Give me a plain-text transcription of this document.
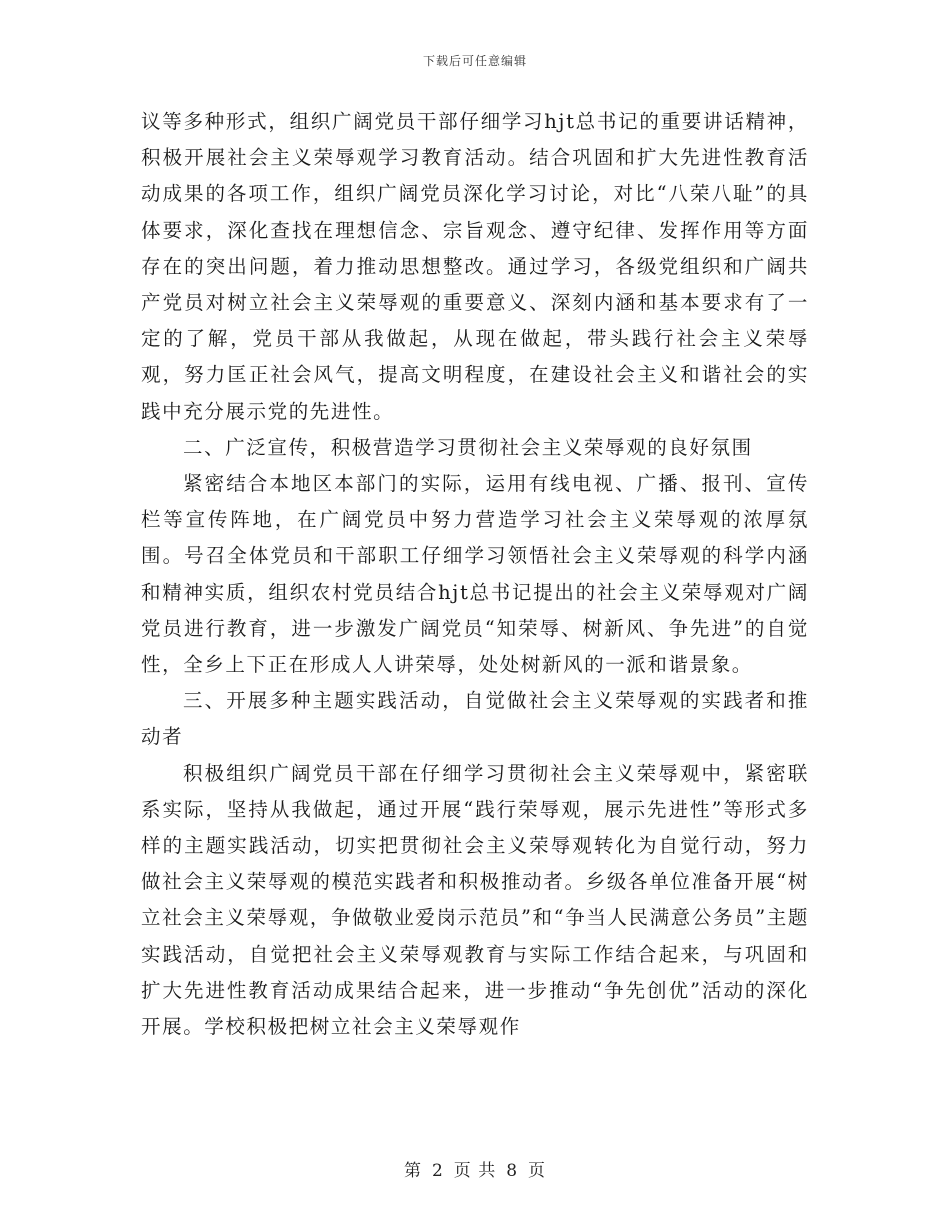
下载后可任意编辑

议等多种形式，组织广阔党员干部仔细学习hjt总书记的重要讲话精神，积极开展社会主义荣辱观学习教育活动。结合巩固和扩大先进性教育活动成果的各项工作，组织广阔党员深化学习讨论，对比“八荣八耻”的具体要求，深化查找在理想信念、宗旨观念、遵守纪律、发挥作用等方面存在的突出问题，着力推动思想整改。通过学习，各级党组织和广阔共产党员对树立社会主义荣辱观的重要意义、深刻内涵和基本要求有了一定的了解，党员干部从我做起，从现在做起，带头践行社会主义荣辱观，努力匡正社会风气，提高文明程度，在建设社会主义和谐社会的实践中充分展示党的先进性。

二、广泛宣传，积极营造学习贯彻社会主义荣辱观的良好氛围

紧密结合本地区本部门的实际，运用有线电视、广播、报刊、宣传栏等宣传阵地，在广阔党员中努力营造学习社会主义荣辱观的浓厚氛围。号召全体党员和干部职工仔细学习领悟社会主义荣辱观的科学内涵和精神实质，组织农村党员结合hjt总书记提出的社会主义荣辱观对广阔党员进行教育，进一步激发广阔党员“知荣辱、树新风、争先进”的自觉性，全乡上下正在形成人人讲荣辱，处处树新风的一派和谐景象。

三、开展多种主题实践活动，自觉做社会主义荣辱观的实践者和推动者

积极组织广阔党员干部在仔细学习贯彻社会主义荣辱观中，紧密联系实际，坚持从我做起，通过开展“践行荣辱观，展示先进性”等形式多样的主题实践活动，切实把贯彻社会主义荣辱观转化为自觉行动，努力做社会主义荣辱观的模范实践者和积极推动者。乡级各单位准备开展“树立社会主义荣辱观，争做敬业爱岗示范员”和“争当人民满意公务员”主题实践活动，自觉把社会主义荣辱观教育与实际工作结合起来，与巩固和扩大先进性教育活动成果结合起来，进一步推动“争先创优”活动的深化开展。学校积极把树立社会主义荣辱观作

第 2 页 共 8 页
